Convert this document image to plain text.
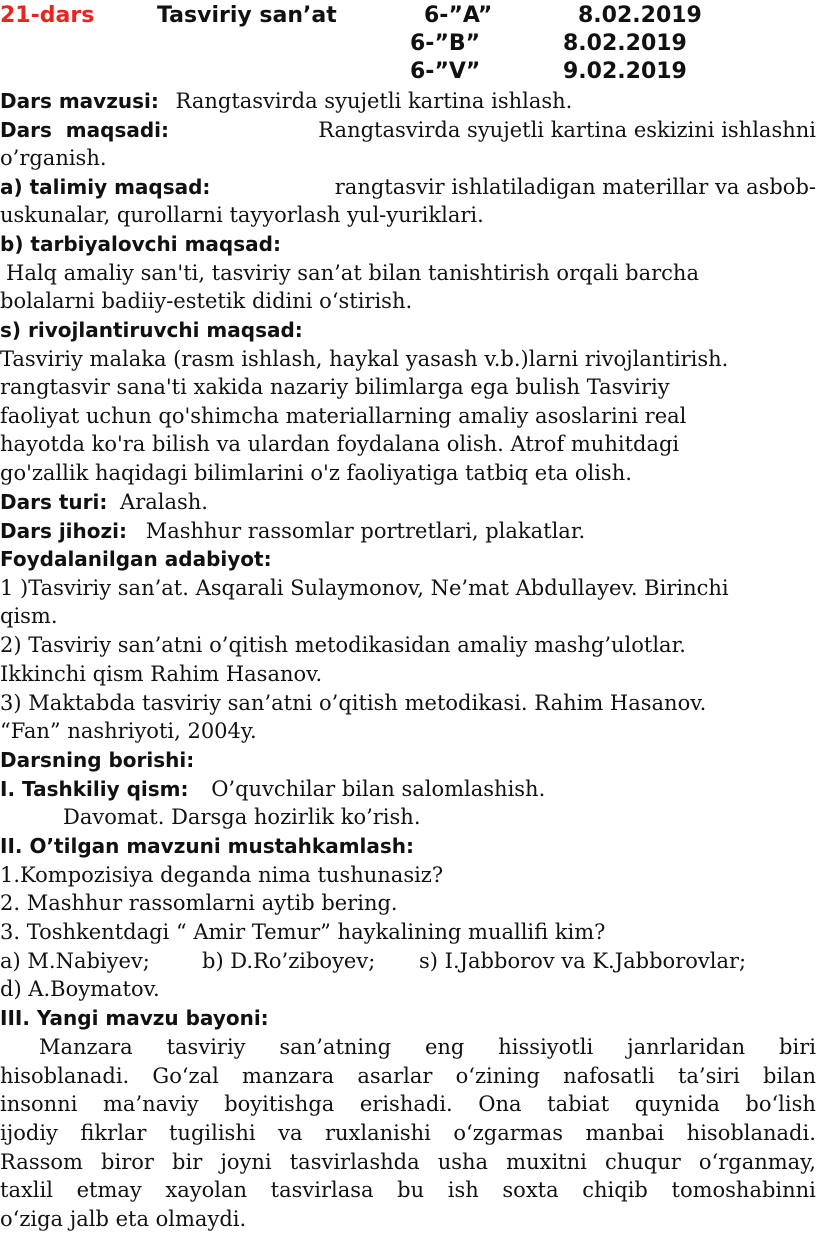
21-dars	Tasviriy san’at	6-”A”	8.02.2019
6-”B”	8.02.2019
6-”V”	9.02.2019
Dars mavzusi: Rangtasvirda syujetli kartina ishlash.
Dars  maqsadi:	Rangtasvirda syujetli kartina eskizini ishlashni
o’rganish.
a) talimiy maqsad:	rangtasvir ishlatiladigan materillar va asbob-
uskunalar, qurollarni tayyorlash yul-yuriklari.
b) tarbiyalovchi maqsad:
Halq amaliy san'ti, tasviriy san’at bilan tanishtirish orqali barcha
bolalarni badiiy-estetik didini o‘stirish.
s) rivojlantiruvchi maqsad:
Tasviriy malaka (rasm ishlash, haykal yasash v.b.)larni rivojlantirish.
rangtasvir sana'ti xakida nazariy bilimlarga ega bulish Tasviriy
faoliyat uchun qo'shimcha materiallarning amaliy asoslarini real
hayotda ko'ra bilish va ulardan foydalana olish. Atrof muhitdagi
go'zallik haqidagi bilimlarini o'z faoliyatiga tatbiq eta olish.
Dars turi: Aralash.
Dars jihozi: Mashhur rassomlar portretlari, plakatlar.
Foydalanilgan adabiyot:
1 )Tasviriy san’at. Asqarali Sulaymonov, Ne’mat Abdullayev. Birinchi
qism.
2) Tasviriy san’atni o’qitish metodikasidan amaliy mashg’ulotlar.
Ikkinchi qism Rahim Hasanov.
3) Maktabda tasviriy san’atni o’qitish metodikasi. Rahim Hasanov.
“Fan” nashriyoti, 2004y.
Darsning borishi:
I. Tashkiliy qism: O’quvchilar bilan salomlashish.
Davomat. Darsga hozirlik ko’rish.
II. O’tilgan mavzuni mustahkamlash:
1.Kompozisiya deganda nima tushunasiz?
2. Mashhur rassomlarni aytib bering.
3. Toshkentdagi “ Amir Temur” haykalining muallifi kim?
a) M.Nabiyev; b) D.Ro’ziboyev; s) I.Jabborov va K.Jabborovlar;
d) A.Boymatov.
III. Yangi mavzu bayoni:
Manzara tasviriy san’atning eng hissiyotli janrlaridan biri
hisoblanadi. Go‘zal manzara asarlar o‘zining nafosatli ta’siri bilan
insonni ma’naviy boyitishga erishadi. Ona tabiat quynida bo‘lish
ijodiy fikrlar tugilishi va ruxlanishi o‘zgarmas manbai hisoblanadi.
Rassom biror bir joyni tasvirlashda usha muxitni chuqur o‘rganmay,
taxlil etmay xayolan tasvirlasa bu ish soxta chiqib tomoshabinni
o‘ziga jalb eta olmaydi.
